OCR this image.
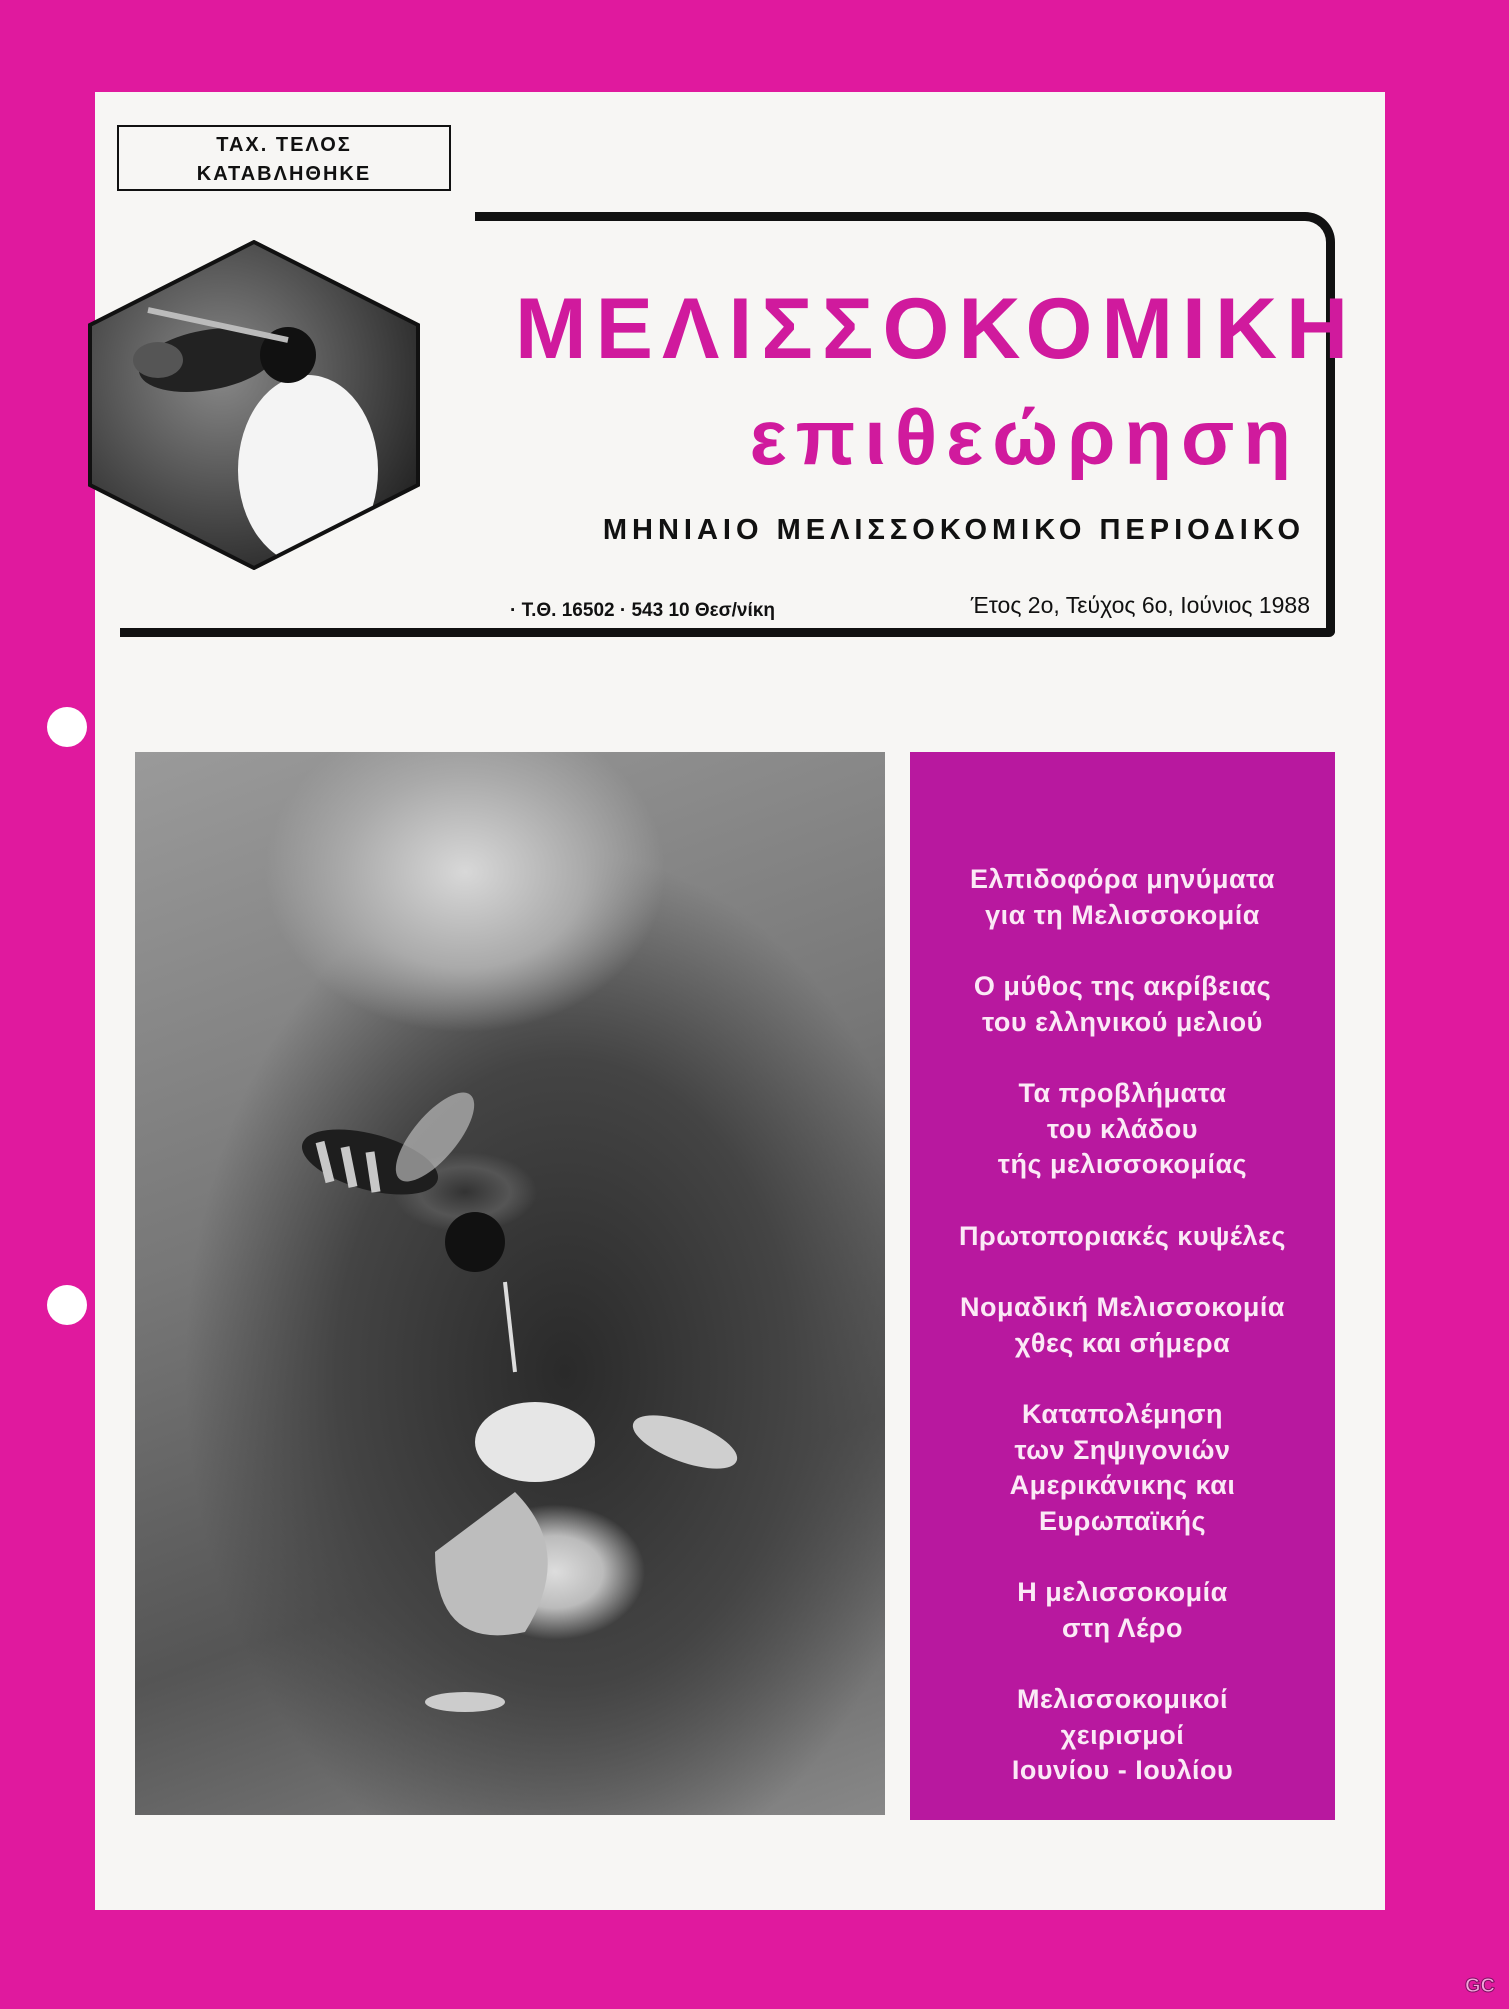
ΤΑΧ. ΤΕΛΟΣ
ΚΑΤΑΒΛΗΘΗΚΕ
ΜΕΛΙΣΣΟΚΟΜΙΚΗ
επιθεώρηση
ΜΗΝΙΑΙΟ ΜΕΛΙΣΣΟΚΟΜΙΚΟ ΠΕΡΙΟΔΙΚΟ
· Τ.Θ. 16502 · 543 10 Θεσ/νίκη	Έτος 2ο, Τεύχος 6ο, Ιούνιος 1988
Ελπιδοφόρα μηνύματα
για τη Μελισσοκομία
Ο μύθος της ακρίβειας
του ελληνικού μελιού
Τα προβλήματα
του κλάδου
τής μελισσοκομίας
Πρωτοποριακές κυψέλες
Νομαδική Μελισσοκομία
χθες και σήμερα
Καταπολέμηση
των Σηψιγονιών
Αμερικάνικης και
Ευρωπαϊκής
Η μελισσοκομία
στη Λέρο
Μελισσοκομικοί
χειρισμοί
Ιουνίου - Ιουλίου
GC
